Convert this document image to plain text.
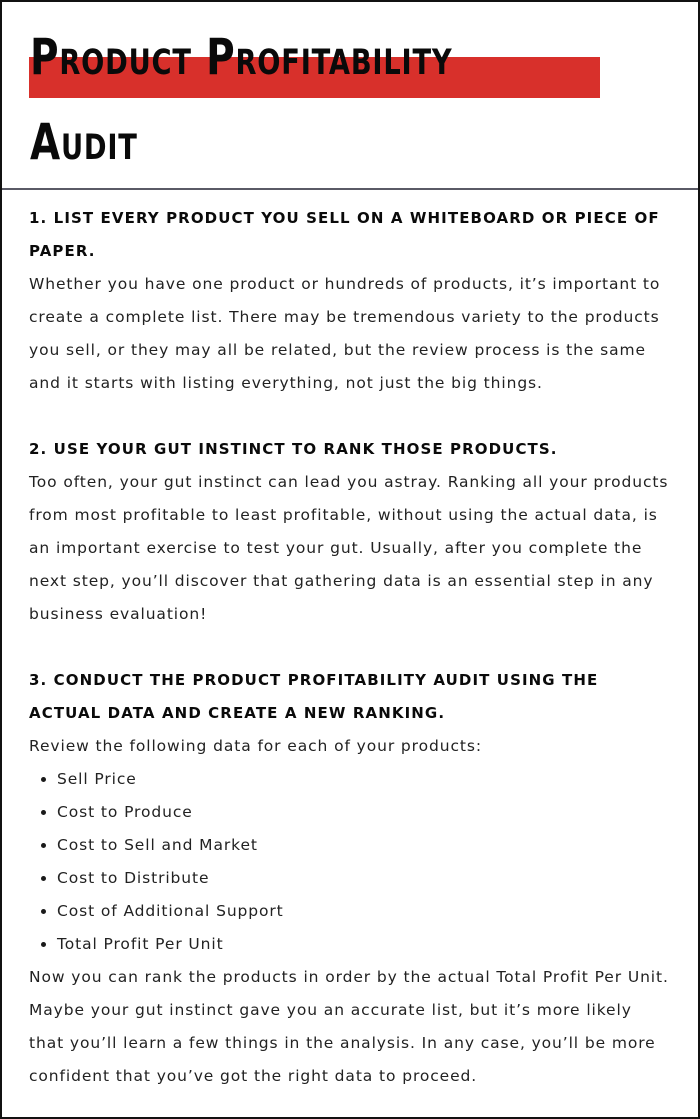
Product Profitability
Audit

1. LIST EVERY PRODUCT YOU SELL ON A WHITEBOARD OR PIECE OF PAPER.

Whether you have one product or hundreds of products, it’s important to create a complete list. There may be tremendous variety to the products you sell, or they may all be related, but the review process is the same and it starts with listing everything, not just the big things.

2. USE YOUR GUT INSTINCT TO RANK THOSE PRODUCTS.

Too often, your gut instinct can lead you astray. Ranking all your products from most profitable to least profitable, without using the actual data, is an important exercise to test your gut. Usually, after you complete the next step, you’ll discover that gathering data is an essential step in any business evaluation!

3. CONDUCT THE PRODUCT PROFITABILITY AUDIT USING THE ACTUAL DATA AND CREATE A NEW RANKING.

Review the following data for each of your products:

Sell Price
Cost to Produce
Cost to Sell and Market
Cost to Distribute
Cost of Additional Support
Total Profit Per Unit

Now you can rank the products in order by the actual Total Profit Per Unit. Maybe your gut instinct gave you an accurate list, but it’s more likely that you’ll learn a few things in the analysis. In any case, you’ll be more confident that you’ve got the right data to proceed.
